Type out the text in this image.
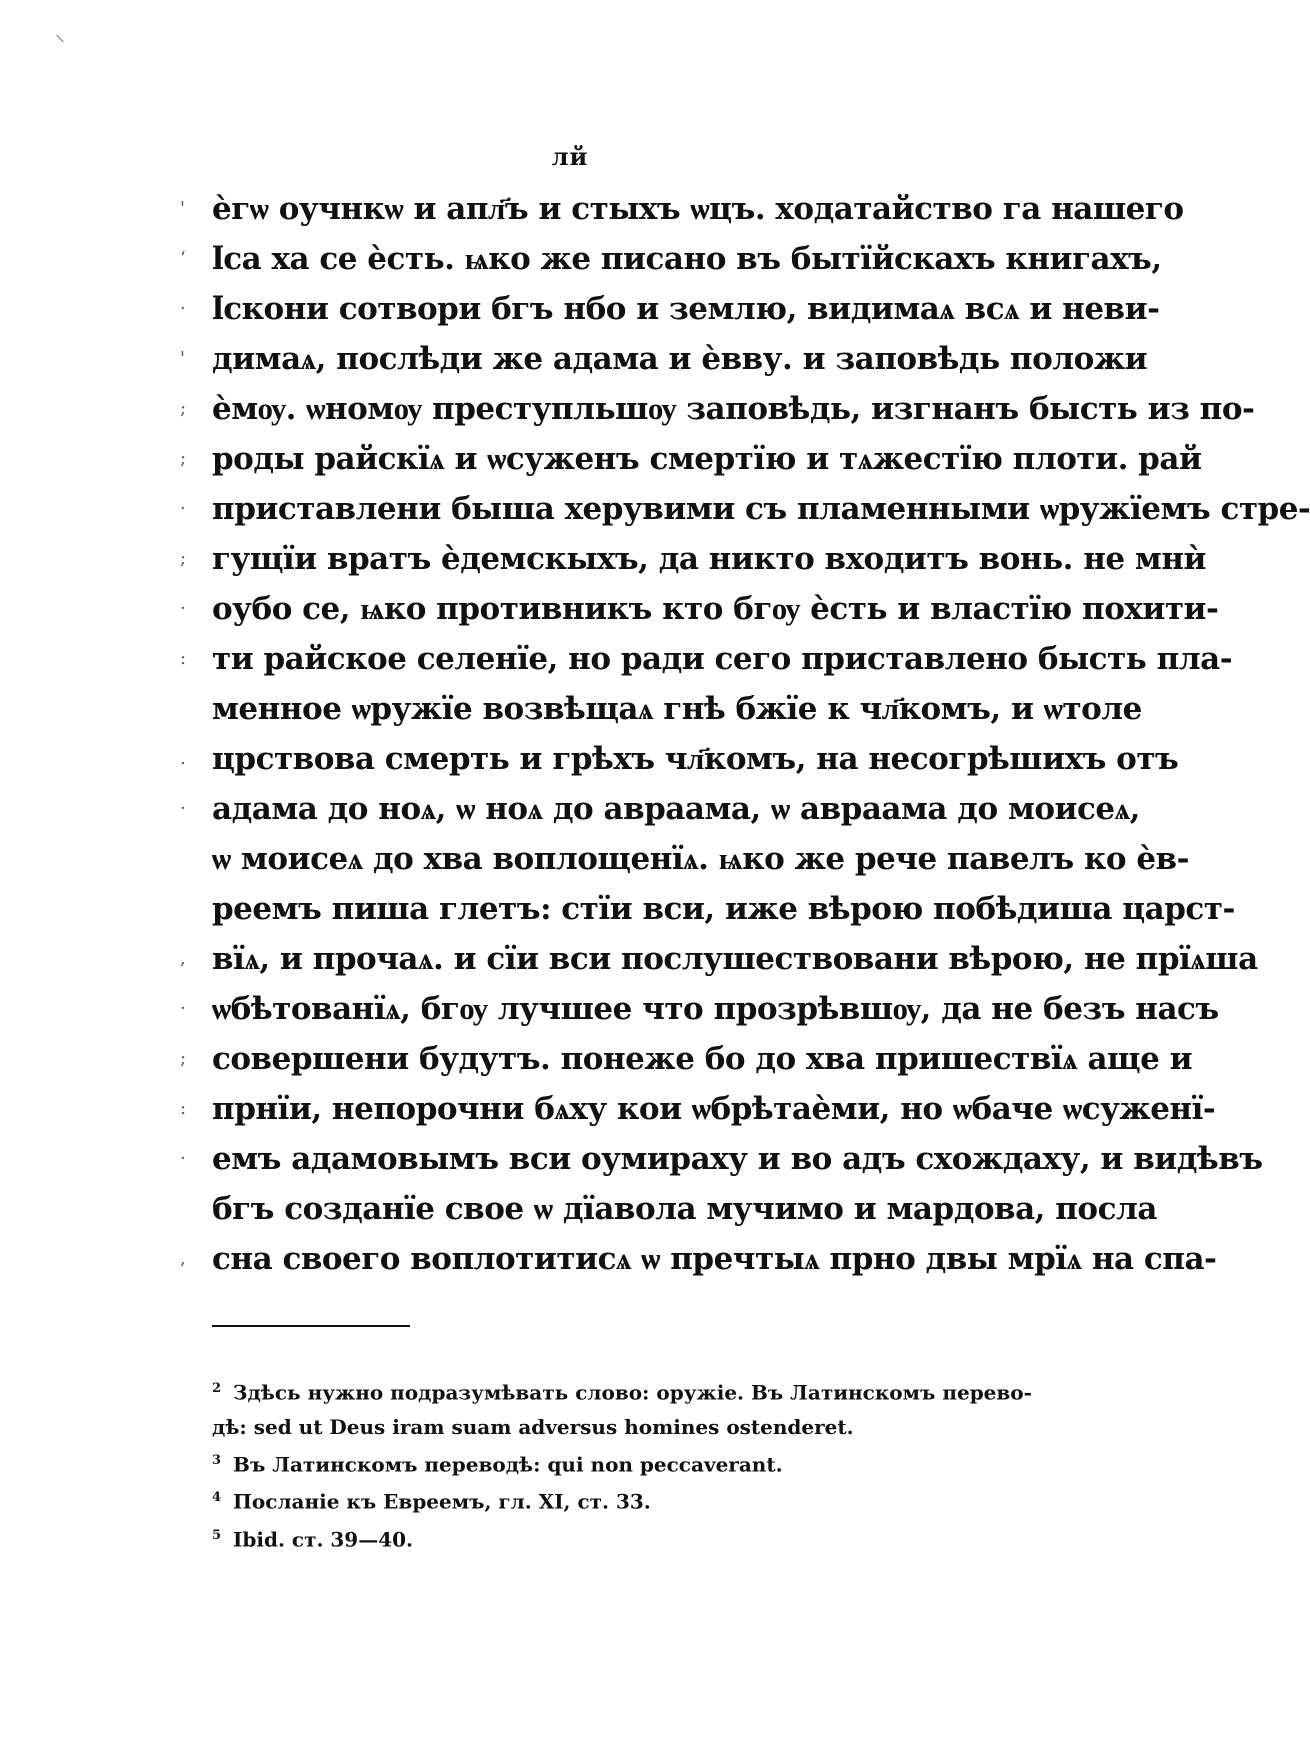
⸌
лй
'
‘
·
'
;
;
·
;
·
:
.
·
,
·
;
:
·
,
ѐгѡ оучнкѡ и апл҃ъ и стыхъ ѡцъ. ходатайство га нашего
ӏса ха се ѐсть. ѩко же писано въ бытїйскахъ книгахъ,
ӏскони сотвори бгъ нбо и землю, видимаѧ всѧ и неви-
димаѧ, послѣди же адама и ѐвву. и заповѣдь положи
ѐмѹ. ѡномѹ преступльшѹ заповѣдь, изгнанъ бысть из по-
роды райскїѧ и ѡсуженъ смертїю и тѧжестїю плоти. рай
приставлени быша херувими съ пламенными ѡружїемъ стре-
гущїи вратъ ѐдемскыхъ, да никто входитъ вонь. не мнѝ
оубо се, ѩко противникъ кто бгѹ ѐсть и властїю похити-
ти райское селенїе, но ради сего приставлено бысть пла-
менное ѡружїе возвѣщаѧ гнѣ бжїе к чл҃комъ, и ѡтоле
црствова смерть и грѣхъ чл҃комъ, на несогрѣшихъ отъ
адама до ноѧ, ѡ ноѧ до авраама, ѡ авраама до моисеѧ,
ѡ моисеѧ до хва воплощенїѧ. ѩко же рече павелъ ко ѐв-
реемъ пиша глетъ: стїи вси, иже вѣрою побѣдиша царст-
вїѧ, и прочаѧ. и сїи вси послушествовани вѣрою, не прїѧша
ѡбѣтованїѧ, бгѹ лучшее что прозрѣвшѹ, да не безъ насъ
совершени будутъ. понеже бо до хва пришествїѧ аще и
прнїи, непорочни бѧху кои ѡбрѣтаѐми, но ѡбаче ѡсуженї-
емъ адамовымъ вси оумираху и во адъ схождаху, и видѣвъ
бгъ созданїе свое ѡ дїавола мучимо и мардова, посла
сна своего воплотитисѧ ѡ пречтыѧ прно двы мрїѧ на спа-
$^2$ Здѣсь нужно подразумѣвать слово: оружіе. Въ Латинскомъ перево-
дѣ: sed ut Deus iram suam adversus homines ostenderet.
$^3$ Въ Латинскомъ переводѣ: qui non peccaverant.
$^4$ Посланіе къ Евреемъ, гл. XI, ст. 33.
$^5$ Ibid. ст. 39—40.
